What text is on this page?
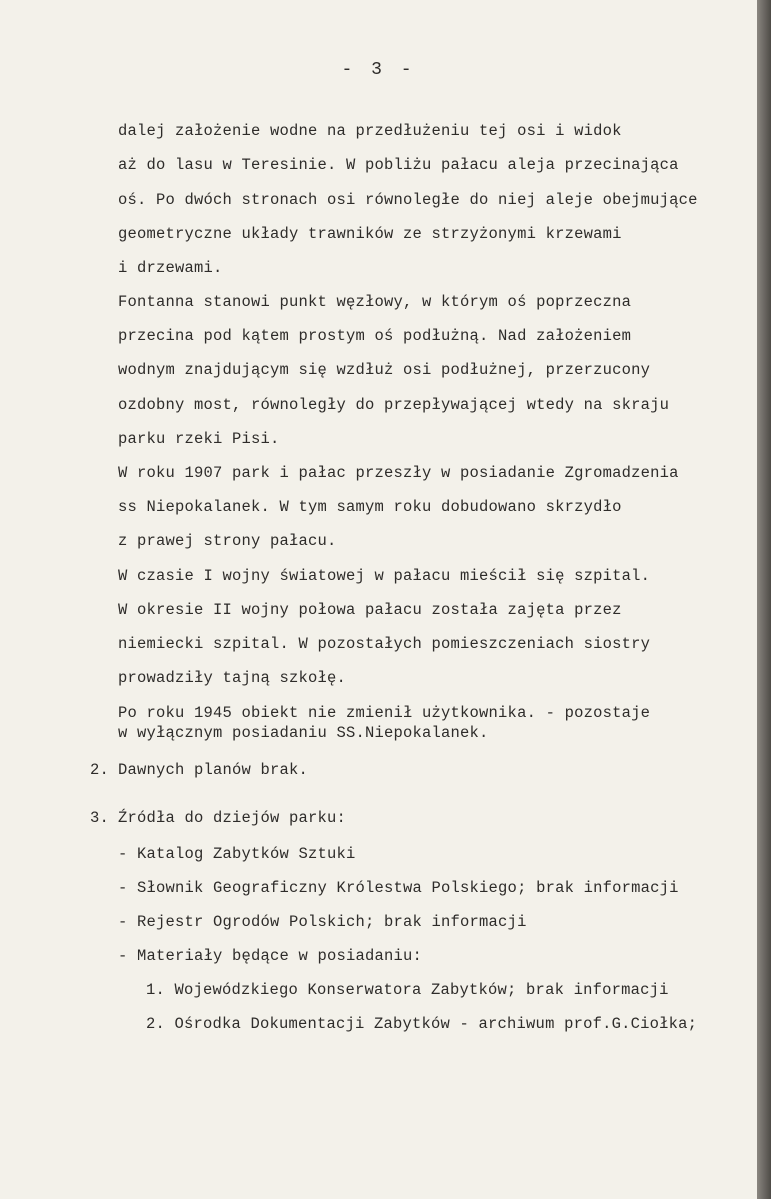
- 3 -
dalej założenie wodne na przedłużeniu tej osi i widok
aż do lasu w Teresinie. W pobliżu pałacu aleja przecinająca
oś. Po dwóch stronach osi równoległe do niej aleje obejmujące
geometryczne układy trawników ze strzyżonymi krzewami
i drzewami.
Fontanna stanowi punkt węzłowy, w którym oś poprzeczna
przecina pod kątem prostym oś podłużną. Nad założeniem
wodnym znajdującym się wzdłuż osi podłużnej, przerzucony
ozdobny most, równoległy do przepływającej wtedy na skraju
parku rzeki Pisi.
W roku 1907 park i pałac przeszły w posiadanie Zgromadzenia
ss Niepokalanek. W tym samym roku dobudowano skrzydło
z prawej strony pałacu.
W czasie I wojny światowej w pałacu mieścił się szpital.
W okresie II wojny połowa pałacu została zajęta przez
niemiecki szpital. W pozostałych pomieszczeniach siostry
prowadziły tajną szkołę.
Po roku 1945 obiekt nie zmienił użytkownika. - pozostaje
w wyłącznym posiadaniu SS.Niepokalanek.
2. Dawnych planów brak.
3. Źródła do dziejów parku:
- Katalog Zabytków Sztuki
- Słownik Geograficzny Królestwa Polskiego; brak informacji
- Rejestr Ogrodów Polskich; brak informacji
- Materiały będące w posiadaniu:
1. Wojewódzkiego Konserwatora Zabytków; brak informacji
2. Ośrodka Dokumentacji Zabytków - archiwum prof.G.Ciołka;
